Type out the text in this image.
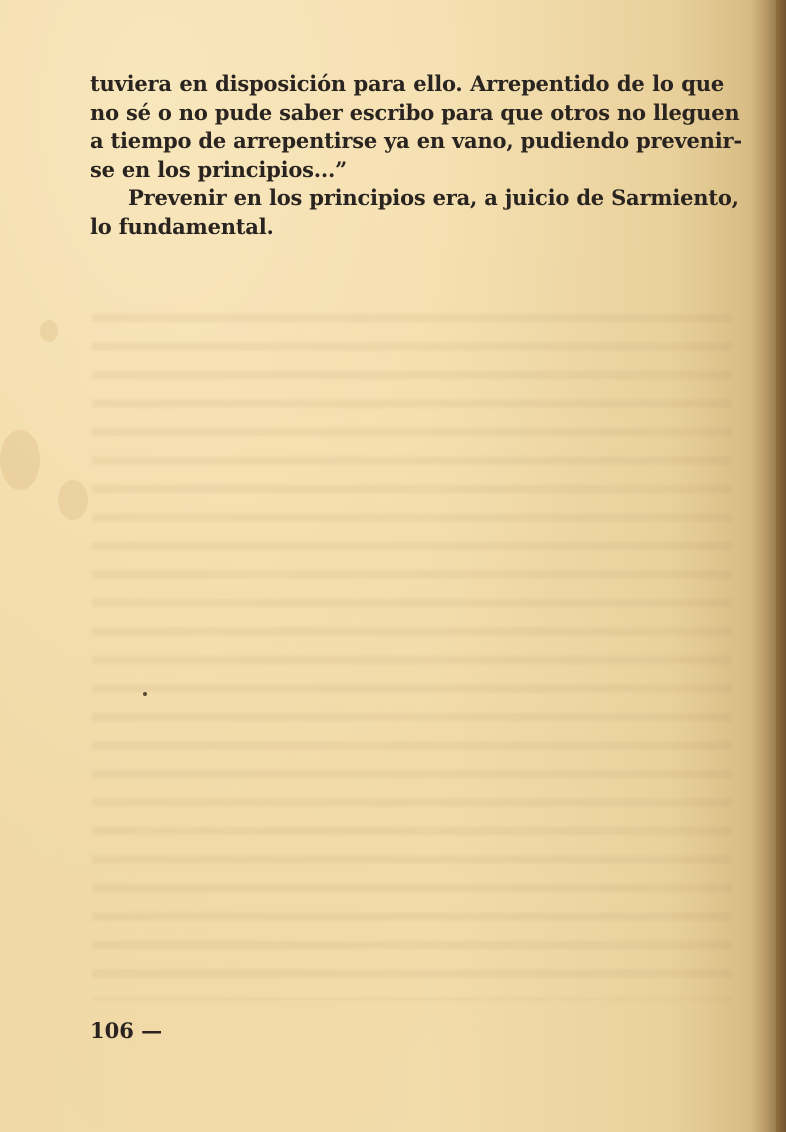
tuviera en disposición para ello. Arrepentido de lo que
no sé o no pude saber escribo para que otros no lleguen
a tiempo de arrepentirse ya en vano, pudiendo prevenir-
se en los principios...”
Prevenir en los principios era, a juicio de Sarmiento,
lo fundamental.
106 —
